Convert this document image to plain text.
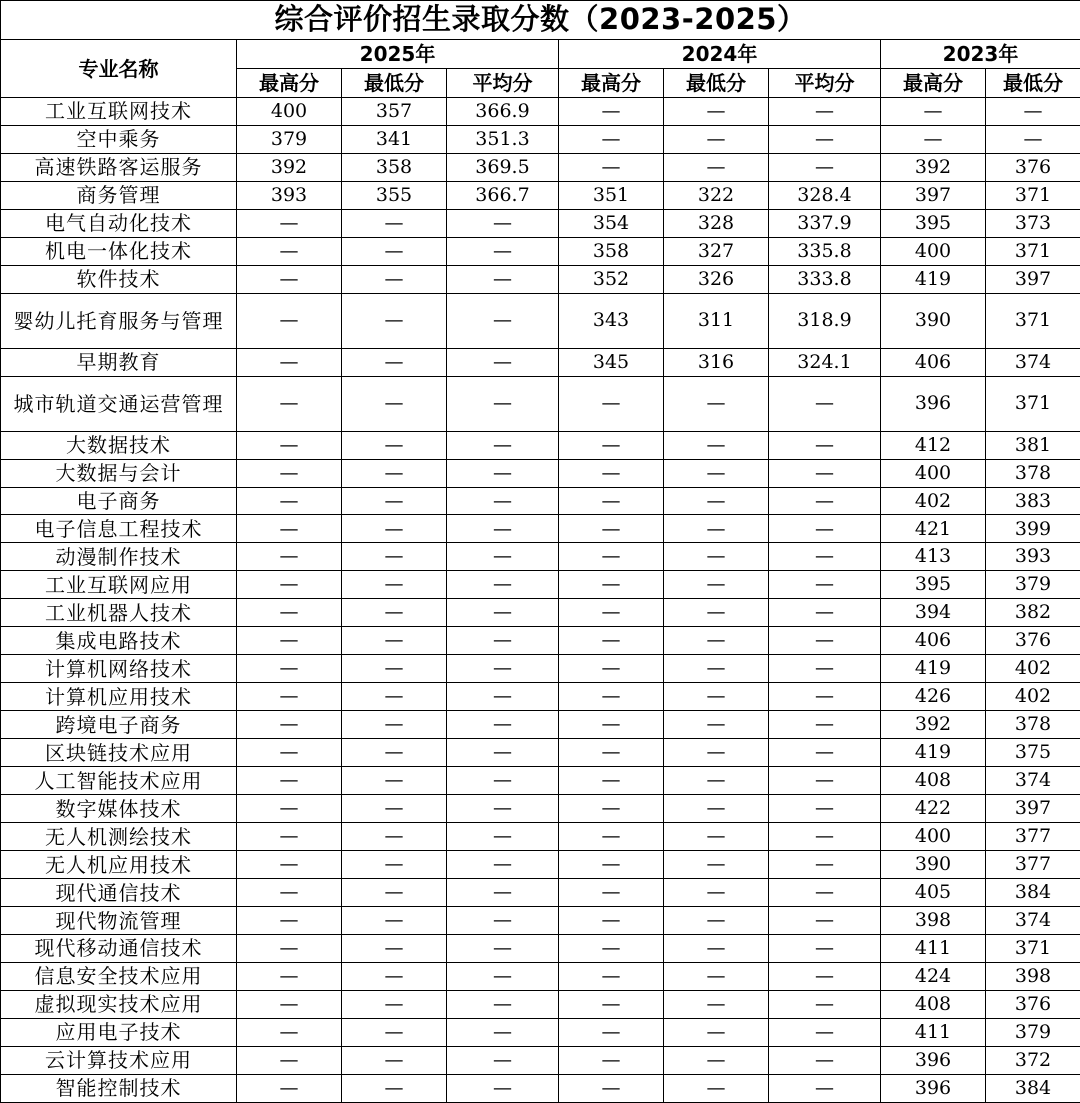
综合评价招生录取分数（2023-2025）								
专业名称	2025年			2024年			2023年	
	最高分	最低分	平均分	最高分	最低分	平均分	最高分	最低分
工业互联网技术	400	357	366.9	—	—	—	—	—
空中乘务	379	341	351.3	—	—	—	—	—
高速铁路客运服务	392	358	369.5	—	—	—	392	376
商务管理	393	355	366.7	351	322	328.4	397	371
电气自动化技术	—	—	—	354	328	337.9	395	373
机电一体化技术	—	—	—	358	327	335.8	400	371
软件技术	—	—	—	352	326	333.8	419	397
婴幼儿托育服务与管理	—	—	—	343	311	318.9	390	371
早期教育	—	—	—	345	316	324.1	406	374
城市轨道交通运营管理	—	—	—	—	—	—	396	371
大数据技术	—	—	—	—	—	—	412	381
大数据与会计	—	—	—	—	—	—	400	378
电子商务	—	—	—	—	—	—	402	383
电子信息工程技术	—	—	—	—	—	—	421	399
动漫制作技术	—	—	—	—	—	—	413	393
工业互联网应用	—	—	—	—	—	—	395	379
工业机器人技术	—	—	—	—	—	—	394	382
集成电路技术	—	—	—	—	—	—	406	376
计算机网络技术	—	—	—	—	—	—	419	402
计算机应用技术	—	—	—	—	—	—	426	402
跨境电子商务	—	—	—	—	—	—	392	378
区块链技术应用	—	—	—	—	—	—	419	375
人工智能技术应用	—	—	—	—	—	—	408	374
数字媒体技术	—	—	—	—	—	—	422	397
无人机测绘技术	—	—	—	—	—	—	400	377
无人机应用技术	—	—	—	—	—	—	390	377
现代通信技术	—	—	—	—	—	—	405	384
现代物流管理	—	—	—	—	—	—	398	374
现代移动通信技术	—	—	—	—	—	—	411	371
信息安全技术应用	—	—	—	—	—	—	424	398
虚拟现实技术应用	—	—	—	—	—	—	408	376
应用电子技术	—	—	—	—	—	—	411	379
云计算技术应用	—	—	—	—	—	—	396	372
智能控制技术	—	—	—	—	—	—	396	384
